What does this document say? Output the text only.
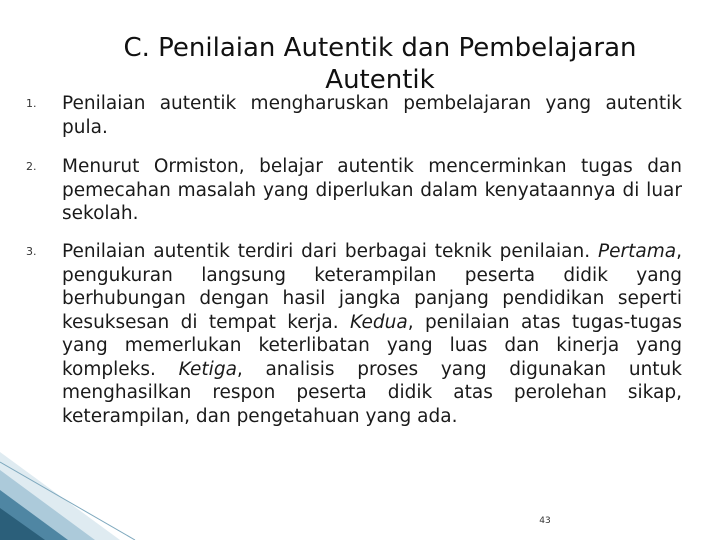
C. Penilaian Autentik dan Pembelajaran Autentik
1. Penilaian autentik mengharuskan pembelajaran yang autentik pula.
2. Menurut Ormiston, belajar autentik mencerminkan tugas dan pemecahan masalah yang diperlukan dalam kenyataannya di luar sekolah.
3. Penilaian autentik terdiri dari berbagai teknik penilaian. Pertama, pengukuran langsung keterampilan peserta didik yang berhubungan dengan hasil jangka panjang pendidikan seperti kesuksesan di tempat kerja. Kedua, penilaian atas tugas-tugas yang memerlukan keterlibatan yang luas dan kinerja yang kompleks. Ketiga, analisis proses yang digunakan untuk menghasilkan respon peserta didik atas perolehan sikap, keterampilan, dan pengetahuan yang ada.
43
